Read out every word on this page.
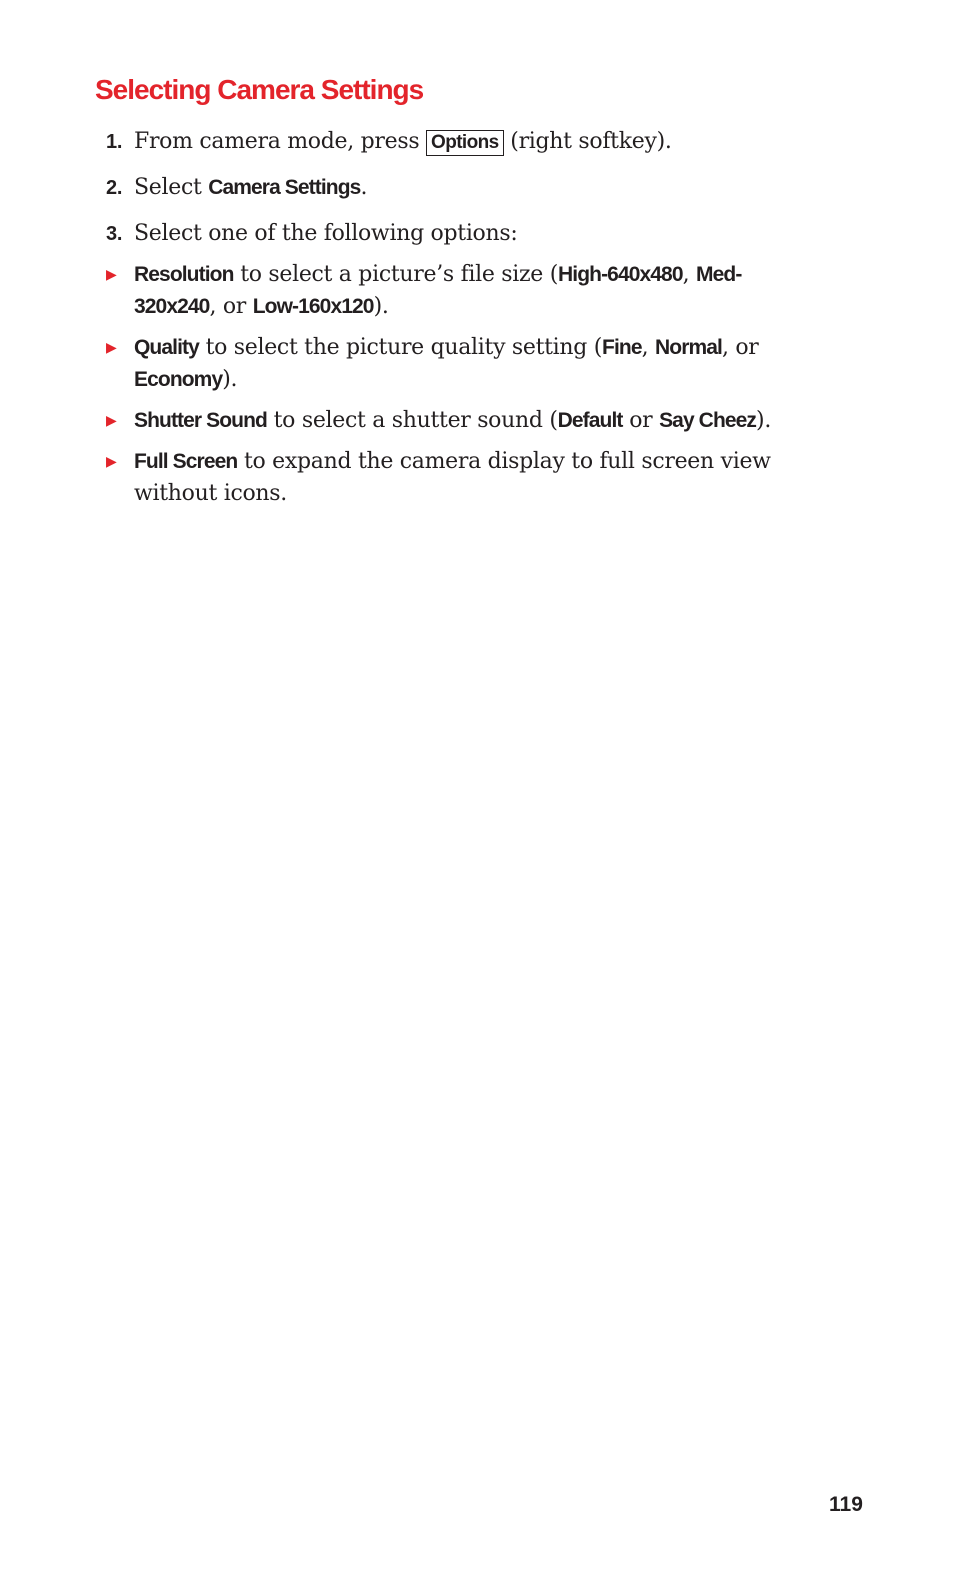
Selecting Camera Settings
1. From camera mode, press Options (right softkey).
2. Select Camera Settings.
3. Select one of the following options:
▶ Resolution to select a picture’s file size (High-640x480, Med-320x240, or Low-160x120).
▶ Quality to select the picture quality setting (Fine, Normal, or Economy).
▶ Shutter Sound to select a shutter sound (Default or Say Cheez).
▶ Full Screen to expand the camera display to full screen view without icons.
119
